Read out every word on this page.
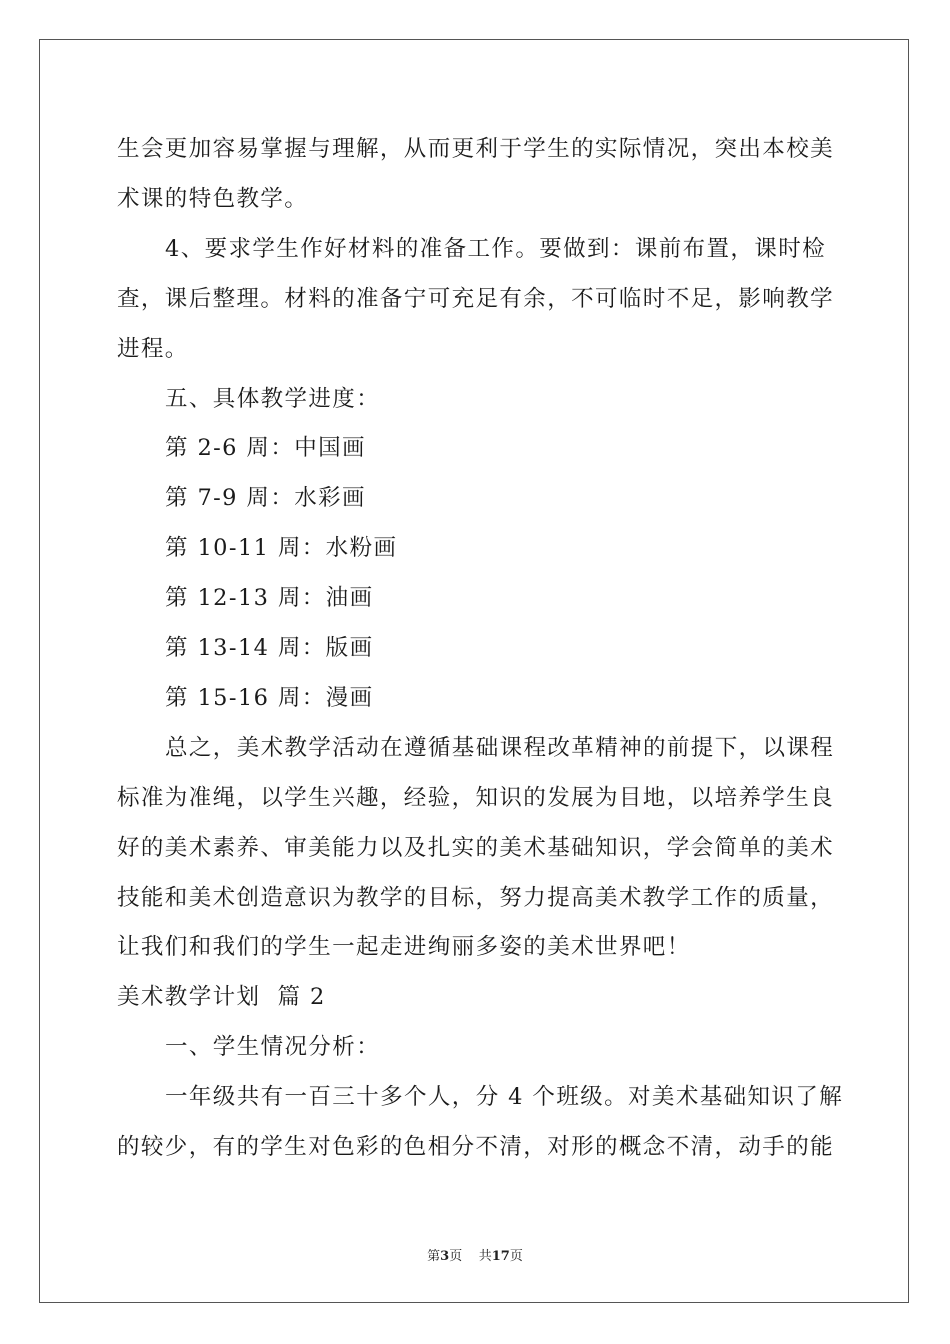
生会更加容易掌握与理解，从而更利于学生的实际情况，突出本校美
术课的特色教学。
4、要求学生作好材料的准备工作。要做到：课前布置，课时检
查，课后整理。材料的准备宁可充足有余，不可临时不足，影响教学
进程。
五、具体教学进度：
第 2-6 周：中国画
第 7-9 周：水彩画
第 10-11 周：水粉画
第 12-13 周：油画
第 13-14 周：版画
第 15-16 周：漫画
总之，美术教学活动在遵循基础课程改革精神的前提下，以课程
标准为准绳，以学生兴趣，经验，知识的发展为目地，以培养学生良
好的美术素养、审美能力以及扎实的美术基础知识，学会简单的美术
技能和美术创造意识为教学的目标，努力提高美术教学工作的质量，
让我们和我们的学生一起走进绚丽多姿的美术世界吧！
美术教学计划  篇 2
一、学生情况分析：
一年级共有一百三十多个人，分 4 个班级。对美术基础知识了解
的较少，有的学生对色彩的色相分不清，对形的概念不清，动手的能
第3页    共17页
